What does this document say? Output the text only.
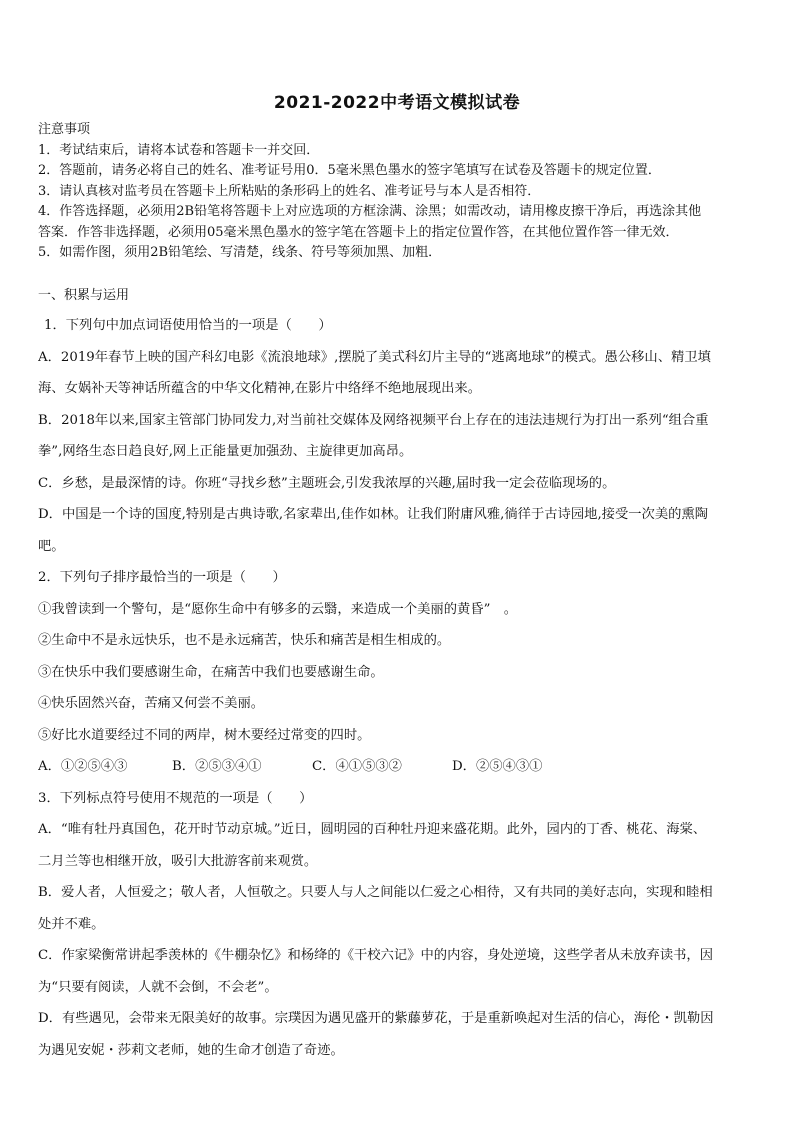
2021-2022中考语文模拟试卷
注意事项
1．考试结束后，请将本试卷和答题卡一并交回．
2．答题前，请务必将自己的姓名、准考证号用0．5毫米黑色墨水的签字笔填写在试卷及答题卡的规定位置．
3．请认真核对监考员在答题卡上所粘贴的条形码上的姓名、准考证号与本人是否相符．
4．作答选择题，必须用2B铅笔将答题卡上对应选项的方框涂满、涂黑；如需改动，请用橡皮擦干净后，再选涂其他
答案．作答非选择题，必须用05毫米黑色墨水的签字笔在答题卡上的指定位置作答，在其他位置作答一律无效．
5．如需作图，须用2B铅笔绘、写清楚，线条、符号等须加黑、加粗．
一、积累与运用
1．下列句中加点词语使用恰当的一项是（　　）
A．2019年春节上映的国产科幻电影《流浪地球》,摆脱了美式科幻片主导的“逃离地球”的模式。愚公移山、精卫填
海、女娲补天等神话所蕴含的中华文化精神,在影片中络绎不绝地展现出来。
B．2018年以来,国家主管部门协同发力,对当前社交媒体及网络视频平台上存在的违法违规行为打出一系列“组合重
拳”,网络生态日趋良好,网上正能量更加强劲、主旋律更加高昂。
C．乡愁，是最深情的诗。你班“寻找乡愁”主题班会,引发我浓厚的兴趣,届时我一定会莅临现场的。
D．中国是一个诗的国度,特别是古典诗歌,名家辈出,佳作如林。让我们附庸风雅,徜徉于古诗园地,接受一次美的熏陶
吧。
2．下列句子排序最恰当的一项是（　　）
①我曾读到一个警句，是“愿你生命中有够多的云翳，来造成一个美丽的黄昏”　。
②生命中不是永远快乐，也不是永远痛苦，快乐和痛苦是相生相成的。
③在快乐中我们要感谢生命，在痛苦中我们也要感谢生命。
④快乐固然兴奋，苦痛又何尝不美丽。
⑤好比水道要经过不同的两岸，树木要经过常变的四时。
A．①②⑤④③	B．②⑤③④①	C．④①⑤③②	D．②⑤④③①
3．下列标点符号使用不规范的一项是（　　）
A．“唯有牡丹真国色，花开时节动京城。”近日，圆明园的百种牡丹迎来盛花期。此外，园内的丁香、桃花、海棠、
二月兰等也相继开放，吸引大批游客前来观赏。
B．爱人者，人恒爱之；敬人者，人恒敬之。只要人与人之间能以仁爱之心相待，又有共同的美好志向，实现和睦相
处并不难。
C．作家梁衡常讲起季羡林的《牛棚杂忆》和杨绛的《干校六记》中的内容，身处逆境，这些学者从未放弃读书，因
为“只要有阅读，人就不会倒，不会老”。
D．有些遇见，会带来无限美好的故事。宗璞因为遇见盛开的紫藤萝花，于是重新唤起对生活的信心，海伦・凯勒因
为遇见安妮・莎莉文老师，她的生命才创造了奇迹。
